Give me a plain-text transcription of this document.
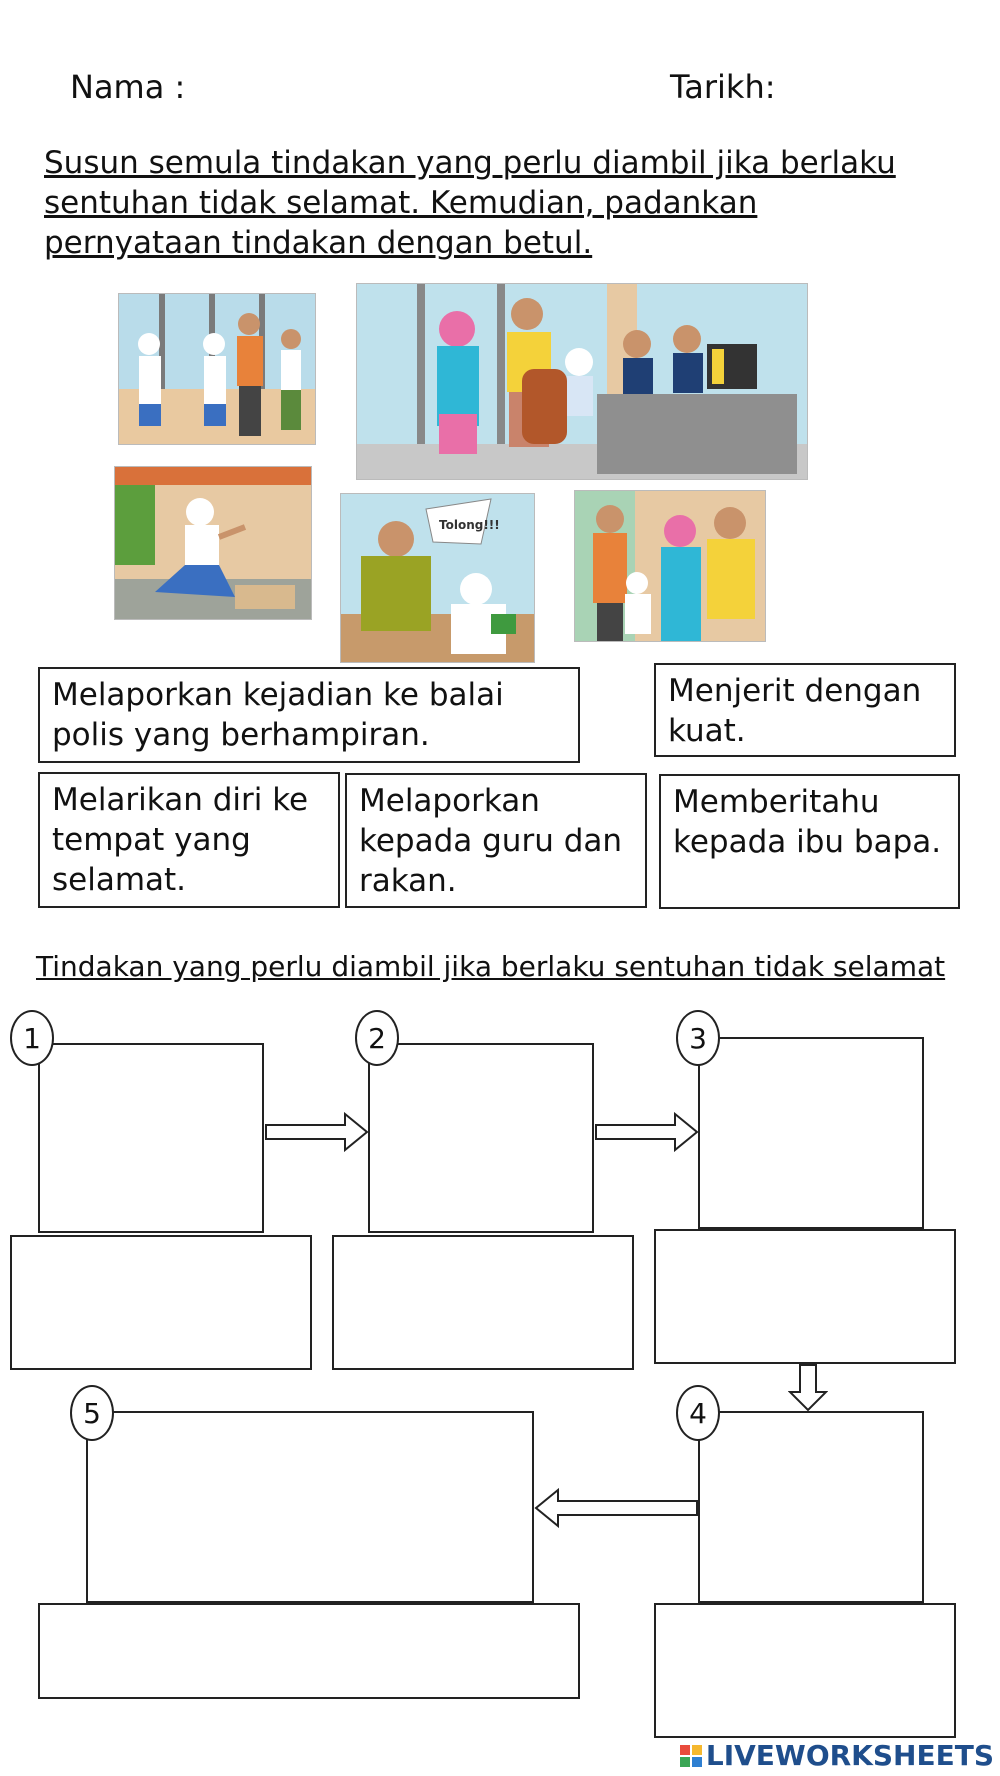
Nama :	Tarikh:
Susun semula tindakan yang perlu diambil jika berlaku sentuhan tidak selamat. Kemudian, padankan pernyataan tindakan dengan betul.
Tolong!!!
Melaporkan kejadian ke balai polis yang berhampiran.
Menjerit dengan kuat.
Melarikan diri ke tempat yang selamat.
Melaporkan kepada guru dan rakan.
Memberitahu kepada ibu bapa.
Tindakan yang perlu diambil jika berlaku sentuhan tidak selamat
1	2	3
4
5
LIVEWORKSHEETS
